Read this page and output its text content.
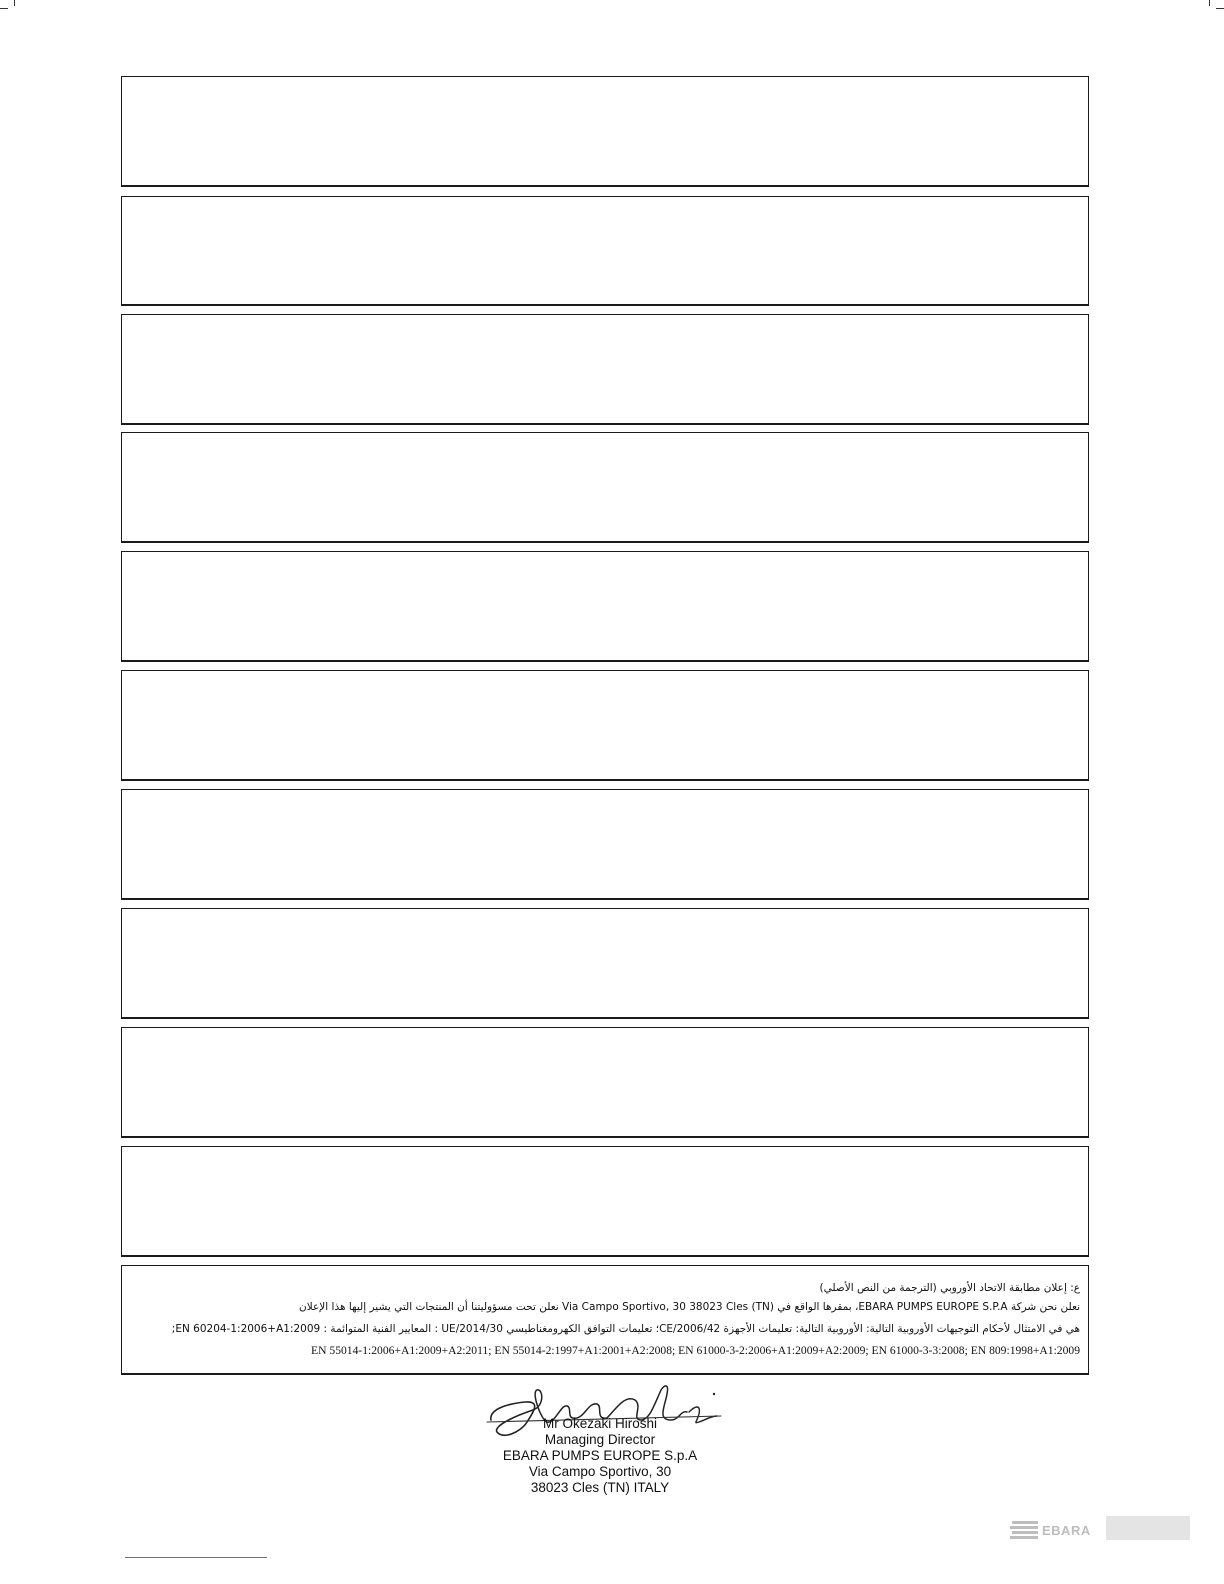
ع: إعلان مطابقة الاتحاد الأوروبي (الترجمة من النص الأصلي)
نعلن نحن شركة EBARA PUMPS EUROPE S.P.A، بمقرها الواقع في (TN) Via Campo Sportivo, 30 38023 Cles نعلن تحت مسؤوليتنا أن المنتجات التي يشير إليها هذا الإعلان
هي في الامتثال لأحكام التوجيهات الأوروبية التالية: الأوروبية التالية: تعليمات الأجهزة 2006/42/CE؛ تعليمات التوافق الكهرومغناطيسي 2014/30/UE : المعايير الفنية المتوائمة : EN 60204-1:2006+A1:2009;
EN 55014-1:2006+A1:2009+A2:2011; EN 55014-2:1997+A1:2001+A2:2008; EN 61000-3-2:2006+A1:2009+A2:2009; EN 61000-3-3:2008; EN 809:1998+A1:2009
Mr Okezaki Hiroshi
Managing Director
EBARA PUMPS EUROPE S.p.A
Via Campo Sportivo, 30
38023 Cles (TN) ITALY
EBARA
